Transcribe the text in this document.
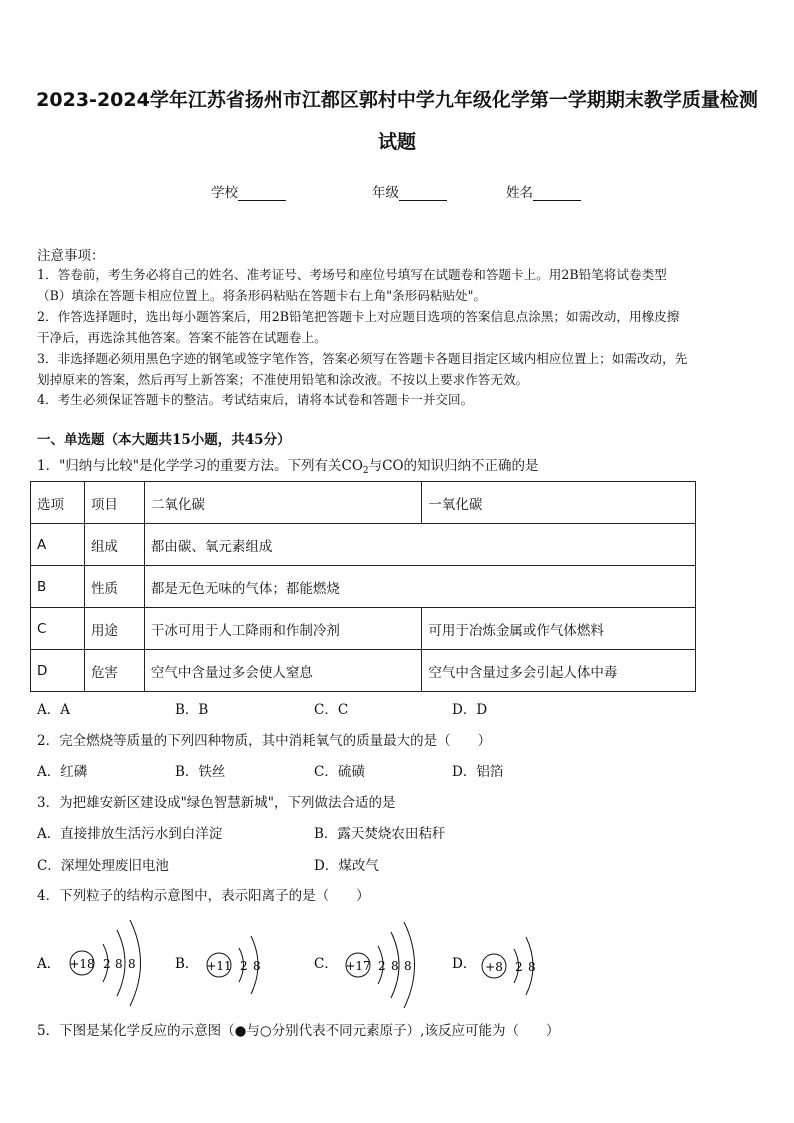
2023-2024学年江苏省扬州市江都区郭村中学九年级化学第一学期期末教学质量检测
试题
学校	年级	姓名
注意事项：
1．答卷前，考生务必将自己的姓名、准考证号、考场号和座位号填写在试题卷和答题卡上。用2B铅笔将试卷类型
（B）填涂在答题卡相应位置上。将条形码粘贴在答题卡右上角"条形码粘贴处"。
2．作答选择题时，选出每小题答案后，用2B铅笔把答题卡上对应题目选项的答案信息点涂黑；如需改动，用橡皮擦
干净后，再选涂其他答案。答案不能答在试题卷上。
3．非选择题必须用黑色字迹的钢笔或签字笔作答，答案必须写在答题卡各题目指定区域内相应位置上；如需改动，先
划掉原来的答案，然后再写上新答案；不准使用铅笔和涂改液。不按以上要求作答无效。
4．考生必须保证答题卡的整洁。考试结束后，请将本试卷和答题卡一并交回。
一、单选题（本大题共15小题，共45分）
1．"归纳与比较"是化学学习的重要方法。下列有关$CO_2$与CO的知识归纳不正确的是
选项	项目	二氧化碳	一氧化碳
A	组成	都由碳、氧元素组成	
B	性质	都是无色无味的气体；都能燃烧	
C	用途	干冰可用于人工降雨和作制冷剂	可用于冶炼金属或作气体燃料
D	危害	空气中含量过多会使人窒息	空气中含量过多会引起人体中毒
A．A	B．B	C．C	D．D
2．完全燃烧等质量的下列四种物质，其中消耗氧气的质量最大的是（　　）
A．红磷	B．铁丝	C．硫磺	D．铝箔
3．为把雄安新区建设成"绿色智慧新城"，下列做法合适的是
A．直接排放生活污水到白洋淀	B．露天焚烧农田秸秆
C．深埋处理废旧电池	D．煤改气
4．下列粒子的结构示意图中，表示阳离子的是（　　）
A． +18 2 8 8	B． +11 2 8	C． +17 2 8 8	D． +8 2 8
5．下图是某化学反应的示意图（●与○分别代表不同元素原子）,该反应可能为（　　）
